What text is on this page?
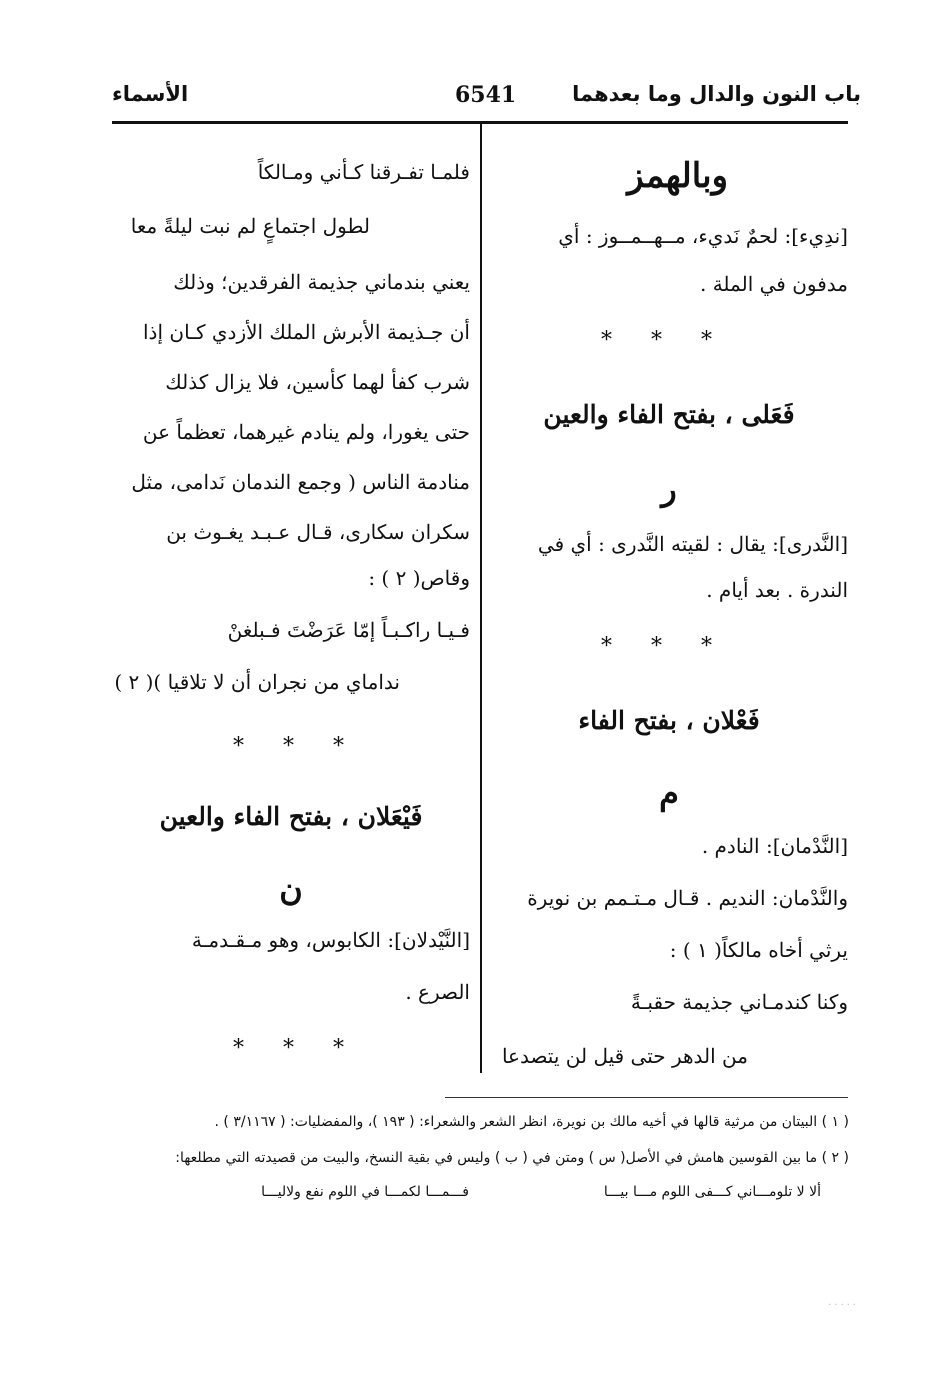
باب النون والدال وما بعدهما
6541
الأسماء
وبالهمز
[ندِيء]: لحمٌ نَديء، مــهــمــوز : أي
مدفون في الملة .
* * *
فَعَلى ، بفتح الفاء والعين
ر
[النَّدرى]: يقال : لقيته النَّدرى : أي في
الندرة . بعد أيام .
* * *
فَعْلان ، بفتح الفاء
م
[النَّدْمان]: النادم .
والنَّدْمان: النديم . قـال مـتـمم بن نويرة
يرثي أخاه مالكاً( ١ ) :
وكنا كندمـاني جذيمة حقبـةً
من الدهر حتى قيل لن يتصدعا
فلمـا تفـرقنا كـأني ومـالكاً
لطول اجتماعٍ لم نبت ليلةً معا
يعني بندماني جذيمة الفرقدين؛ وذلك
أن جـذيمة الأبرش الملك الأزدي كـان إذا
شرب كفأ لهما كأسين، فلا يزال كذلك
حتى يغورا، ولم ينادم غيرهما، تعظماً عن
منادمة الناس ( وجمع الندمان نَدامى، مثل
سكران سكارى، قـال عـبـد يغـوث بن
وقاص( ٢ ) :
فـيـا راكـبـاً إمّا عَرَضْتَ فـبلغنْ
نداماي من نجران أن لا تلاقيا )( ٢ )
* * *
فَيْعَلان ، بفتح الفاء والعين
ن
[النَّيْدلان]: الكابوس، وهو مـقـدمـة
الصرع .
* * *
( ١ ) البيتان من مرثية قالها في أخيه مالك بن نويرة، انظر الشعر والشعراء: ( ١٩٣ )، والمفضليات: ( ٣/١١٦٧ ) .
( ٢ ) ما بين القوسين هامش في الأصل( س ) ومتن في ( ب ) وليس في بقية النسخ، والبيت من قصيدته التي مطلعها:
ألا لا تلومـــاني كـــفى اللوم مـــا بيـــا
فـــمـــا لكمـــا في اللوم نفع ولاليـــا
·····
